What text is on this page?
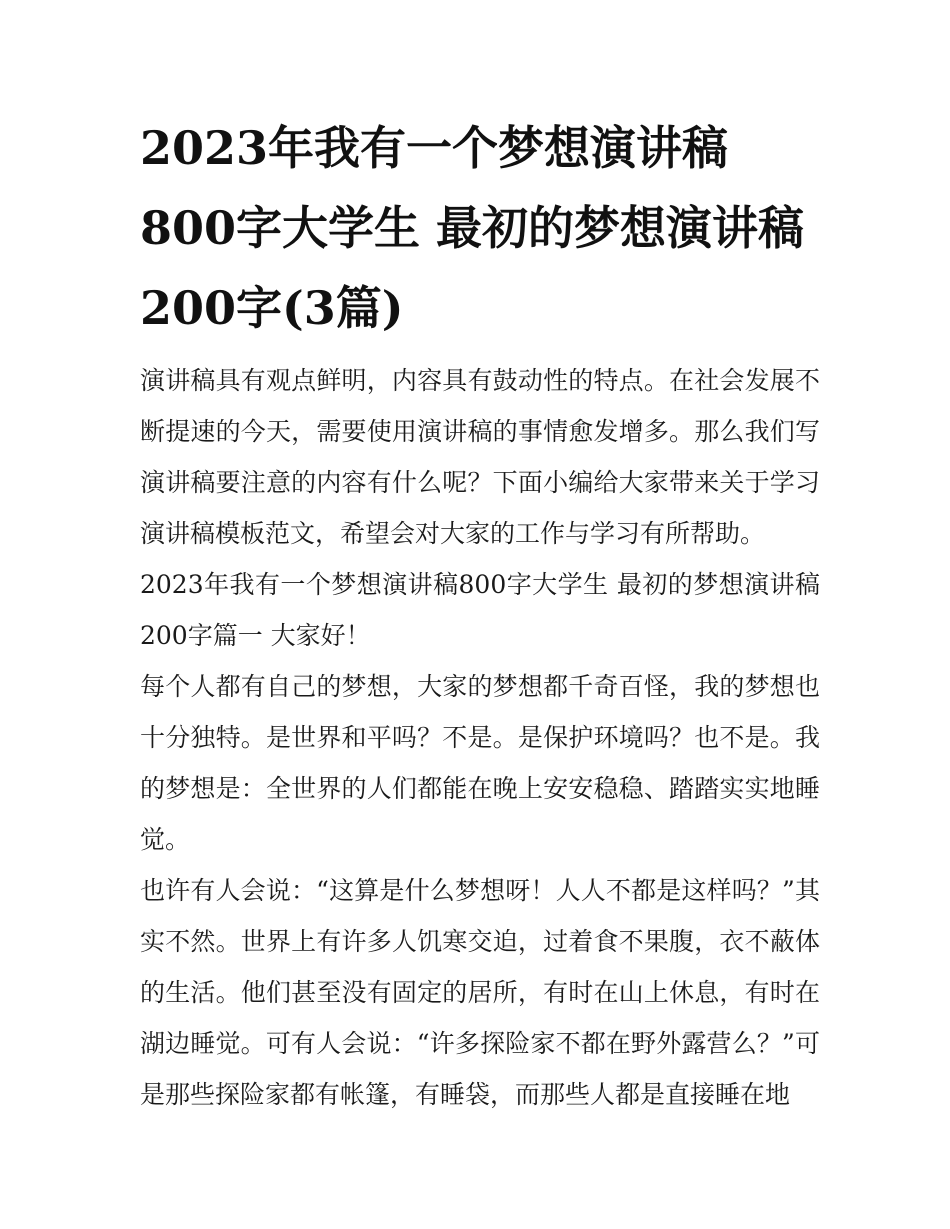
2023年我有一个梦想演讲稿800字大学生 最初的梦想演讲稿200字(3篇)

演讲稿具有观点鲜明，内容具有鼓动性的特点。在社会发展不断提速的今天，需要使用演讲稿的事情愈发增多。那么我们写演讲稿要注意的内容有什么呢？下面小编给大家带来关于学习演讲稿模板范文，希望会对大家的工作与学习有所帮助。

2023年我有一个梦想演讲稿800字大学生 最初的梦想演讲稿200字篇一 大家好！

每个人都有自己的梦想，大家的梦想都千奇百怪，我的梦想也十分独特。是世界和平吗？不是。是保护环境吗？也不是。我的梦想是：全世界的人们都能在晚上安安稳稳、踏踏实实地睡觉。

也许有人会说：“这算是什么梦想呀！人人不都是这样吗？”其实不然。世界上有许多人饥寒交迫，过着食不果腹，衣不蔽体的生活。他们甚至没有固定的居所，有时在山上休息，有时在湖边睡觉。可有人会说：“许多探险家不都在野外露营么？”可是那些探险家都有帐篷，有睡袋，而那些人都是直接睡在地
